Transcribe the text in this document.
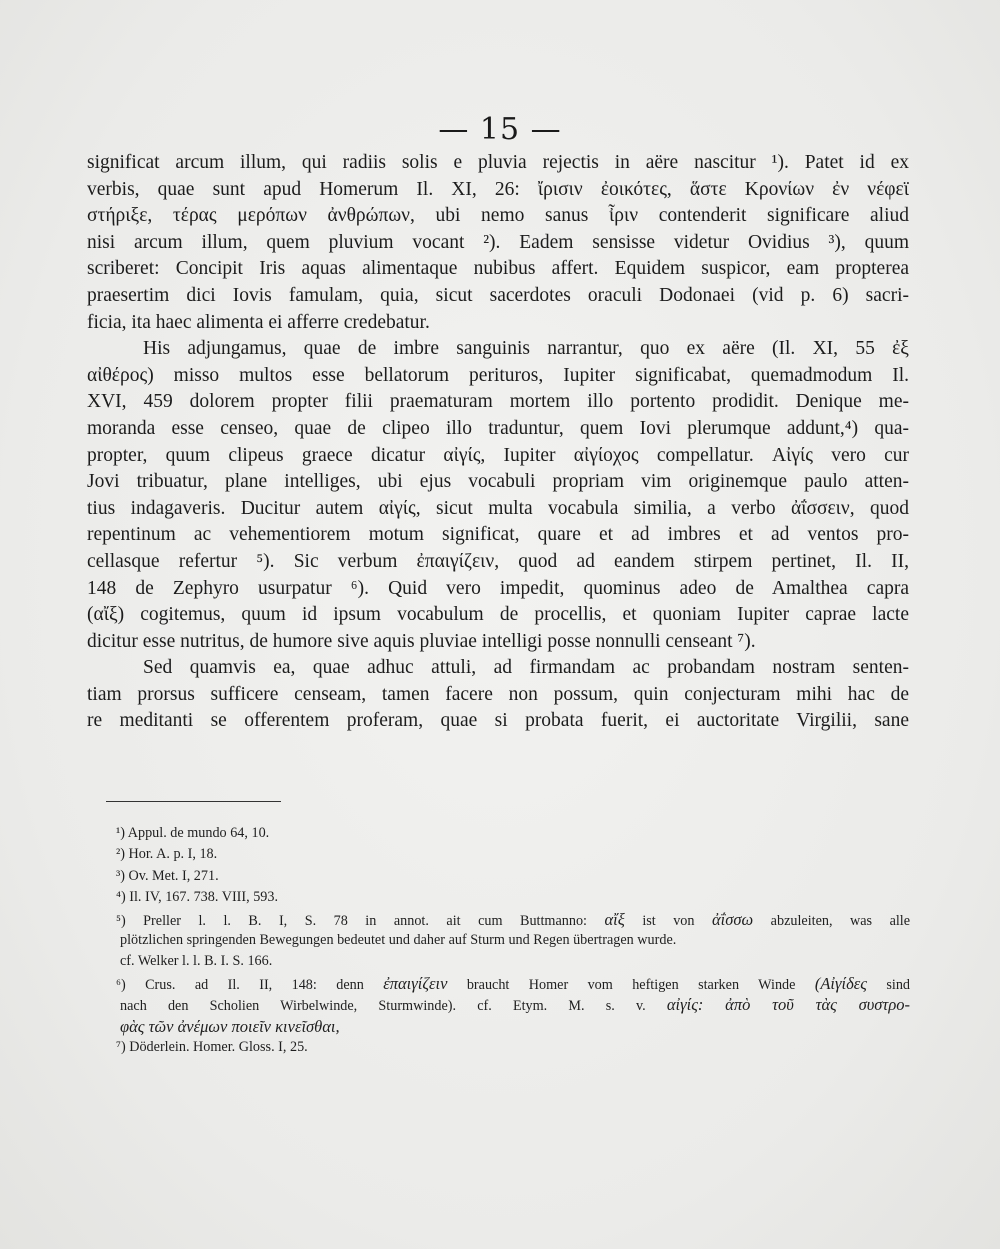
— 15 —
significat arcum illum, qui radiis solis e pluvia rejectis in aëre nascitur ¹). Patet id ex
verbis, quae sunt apud Homerum Il. XI, 26: ἴρισιν ἐοικότες, ἅστε Κρονίων ἐν νέφεϊ
στήριξε, τέρας μερόπων ἀνθρώπων, ubi nemo sanus ἶριν contenderit significare aliud
nisi arcum illum, quem pluvium vocant ²). Eadem sensisse videtur Ovidius ³), quum
scriberet: Concipit Iris aquas alimentaque nubibus affert. Equidem suspicor, eam propterea
praesertim dici Iovis famulam, quia, sicut sacerdotes oraculi Dodonaei (vid p. 6) sacri-
ficia, ita haec alimenta ei afferre credebatur.
His adjungamus, quae de imbre sanguinis narrantur, quo ex aëre (Il. XI, 55 ἐξ
αἰθέρος) misso multos esse bellatorum perituros, Iupiter significabat, quemadmodum Il.
XVI, 459 dolorem propter filii praematuram mortem illo portento prodidit. Denique me-
moranda esse censeo, quae de clipeo illo traduntur, quem Iovi plerumque addunt,⁴) qua-
propter, quum clipeus graece dicatur αἰγίς, Iupiter αἰγίοχος compellatur. Αἰγίς vero cur
Jovi tribuatur, plane intelliges, ubi ejus vocabuli propriam vim originemque paulo atten-
tius indagaveris. Ducitur autem αἰγίς, sicut multa vocabula similia, a verbo ἀΐσσειν, quod
repentinum ac vehementiorem motum significat, quare et ad imbres et ad ventos pro-
cellasque refertur ⁵). Sic verbum ἐπαιγίζειν, quod ad eandem stirpem pertinet, Il. II,
148 de Zephyro usurpatur ⁶). Quid vero impedit, quominus adeo de Amalthea capra
(αἴξ) cogitemus, quum id ipsum vocabulum de procellis, et quoniam Iupiter caprae lacte
dicitur esse nutritus, de humore sive aquis pluviae intelligi posse nonnulli censeant ⁷).
Sed quamvis ea, quae adhuc attuli, ad firmandam ac probandam nostram senten-
tiam prorsus sufficere censeam, tamen facere non possum, quin conjecturam mihi hac de
re meditanti se offerentem proferam, quae si probata fuerit, ei auctoritate Virgilii, sane
¹) Appul. de mundo 64, 10.
²) Hor. A. p. I, 18.
³) Ov. Met. I, 271.
⁴) Il. IV, 167. 738. VIII, 593.
⁵) Preller l. l. B. I, S. 78 in annot. ait cum Buttmanno: αἴξ ist von ἀΐσσω abzuleiten, was alle
plötzlichen springenden Bewegungen bedeutet und daher auf Sturm und Regen übertragen wurde.
cf. Welker l. l. B. I. S. 166.
⁶) Crus. ad Il. II, 148: denn ἐπαιγίζειν braucht Homer vom heftigen starken Winde (Αἰγίδες sind
nach den Scholien Wirbelwinde, Sturmwinde). cf. Etym. M. s. v. αἰγίς: ἀπὸ τοῦ τὰς συστρο-
φὰς τῶν ἀνέμων ποιεῖν κινεῖσθαι,
⁷) Döderlein. Homer. Gloss. I, 25.
